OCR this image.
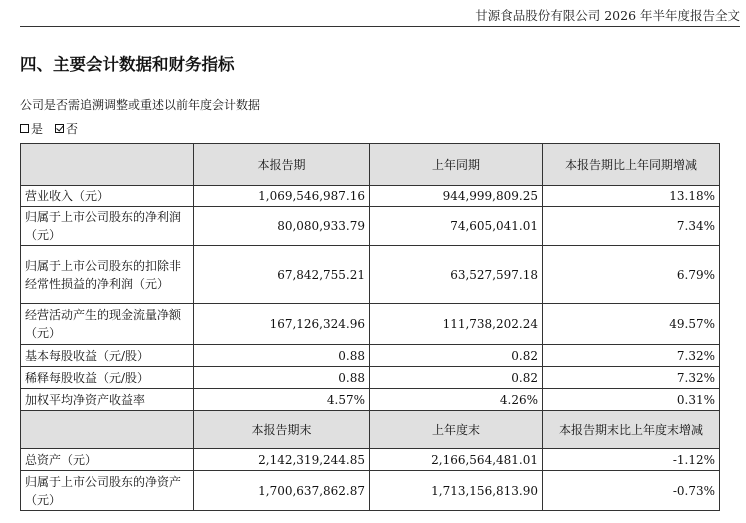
甘源食品股份有限公司 2026 年半年度报告全文
四、主要会计数据和财务指标
公司是否需追溯调整或重述以前年度会计数据
是 否
	本报告期	上年同期	本报告期比上年同期增减
营业收入（元）	1,069,546,987.16	944,999,809.25	13.18%
归属于上市公司股东的净利润（元）	80,080,933.79	74,605,041.01	7.34%
归属于上市公司股东的扣除非经常性损益的净利润（元）	67,842,755.21	63,527,597.18	6.79%
经营活动产生的现金流量净额（元）	167,126,324.96	111,738,202.24	49.57%
基本每股收益（元/股）	0.88	0.82	7.32%
稀释每股收益（元/股）	0.88	0.82	7.32%
加权平均净资产收益率	4.57%	4.26%	0.31%
	本报告期末	上年度末	本报告期末比上年度末增减
总资产（元）	2,142,319,244.85	2,166,564,481.01	-1.12%
归属于上市公司股东的净资产（元）	1,700,637,862.87	1,713,156,813.90	-0.73%
